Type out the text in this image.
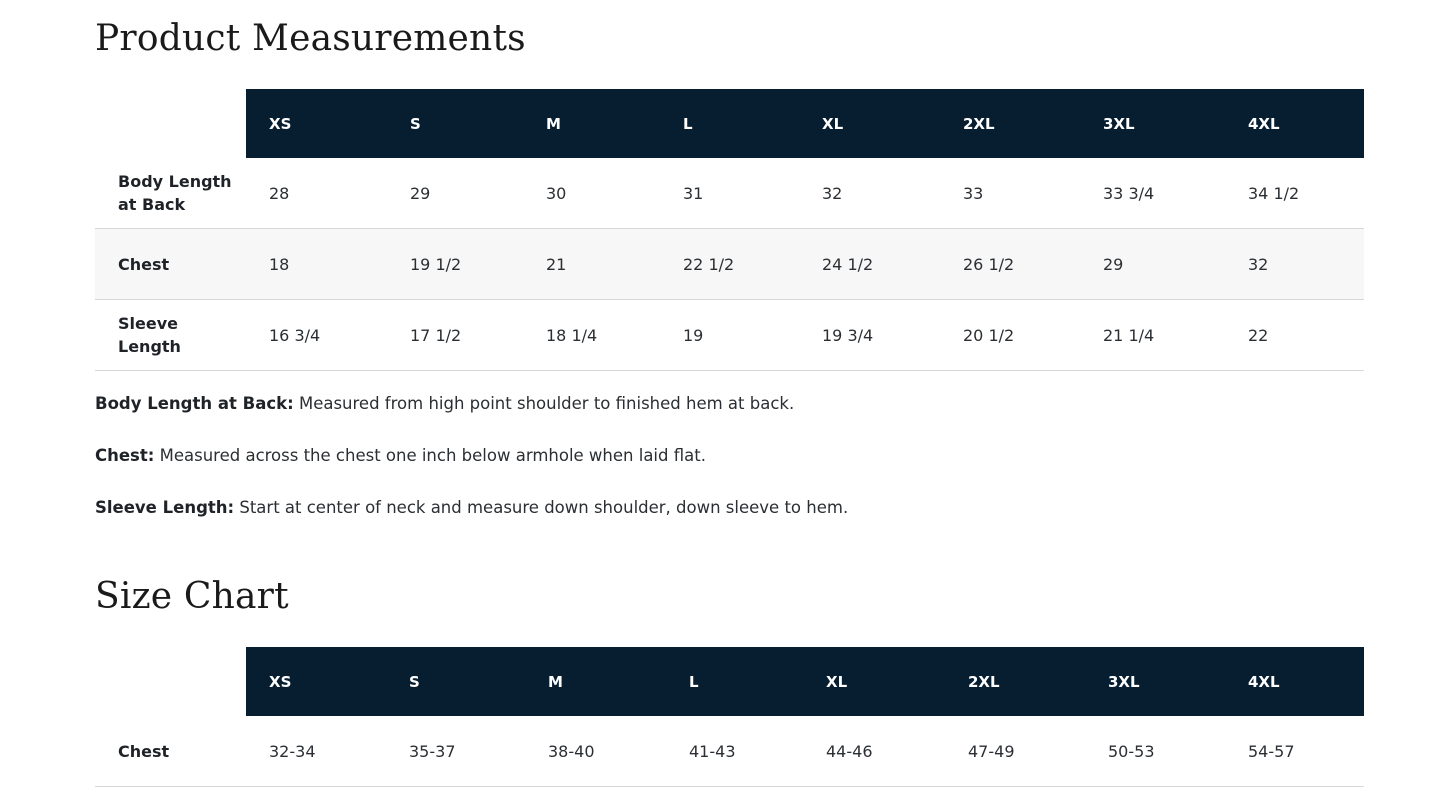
Product Measurements
	XS	S	M	L	XL	2XL	3XL	4XL
Body Length at Back	28	29	30	31	32	33	33 3/4	34 1/2
Chest	18	19 1/2	21	22 1/2	24 1/2	26 1/2	29	32
Sleeve Length	16 3/4	17 1/2	18 1/4	19	19 3/4	20 1/2	21 1/4	22
Body Length at Back: Measured from high point shoulder to finished hem at back.
Chest: Measured across the chest one inch below armhole when laid flat.
Sleeve Length: Start at center of neck and measure down shoulder, down sleeve to hem.
Size Chart
	XS	S	M	L	XL	2XL	3XL	4XL
Chest	32-34	35-37	38-40	41-43	44-46	47-49	50-53	54-57
